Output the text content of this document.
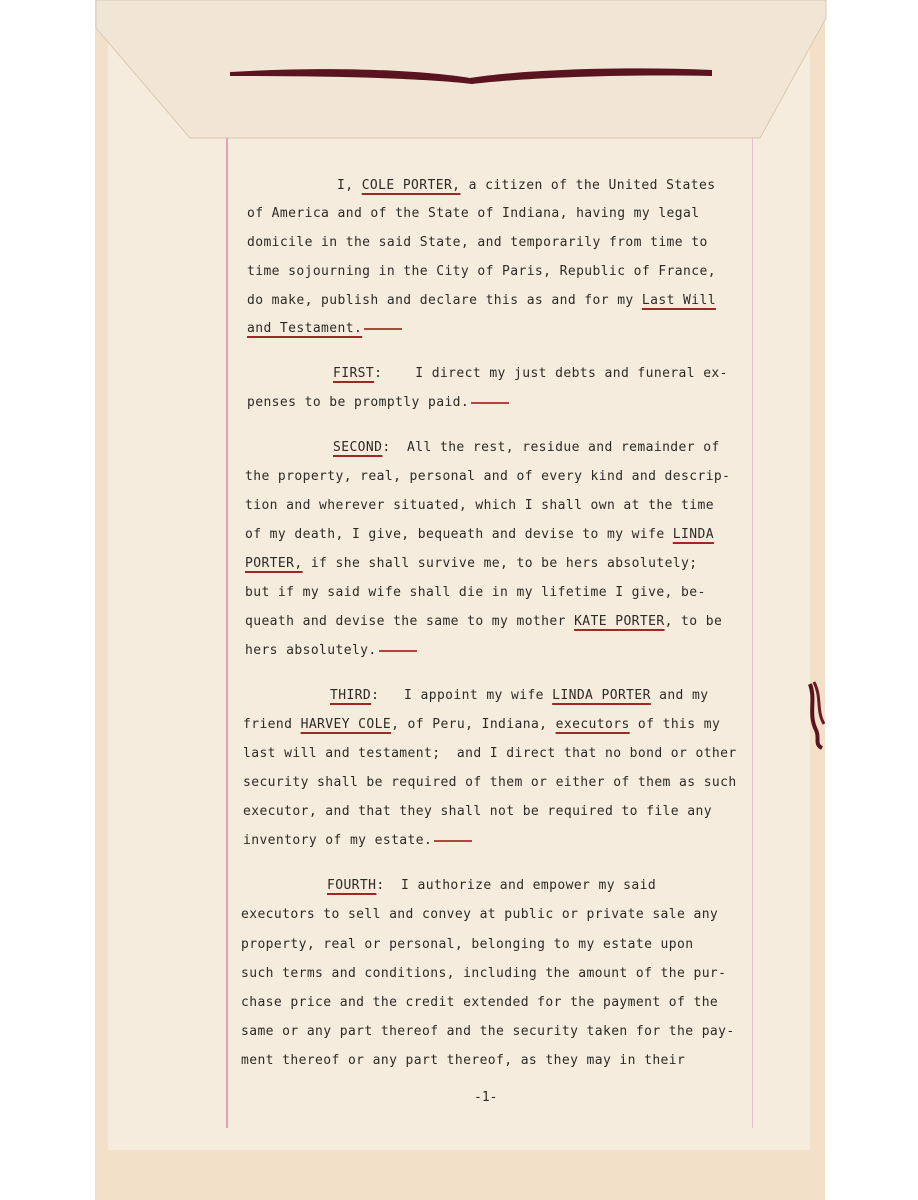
I, COLE PORTER, a citizen of the United States
of America and of the State of Indiana, having my legal
domicile in the said State, and temporarily from time to
time sojourning in the City of Paris, Republic of France,
do make, publish and declare this as and for my Last Will
and Testament.
FIRST:    I direct my just debts and funeral ex-
penses to be promptly paid.
SECOND:  All the rest, residue and remainder of
the property, real, personal and of every kind and descrip-
tion and wherever situated, which I shall own at the time
of my death, I give, bequeath and devise to my wife LINDA
PORTER, if she shall survive me, to be hers absolutely;
but if my said wife shall die in my lifetime I give, be-
queath and devise the same to my mother KATE PORTER, to be
hers absolutely.
THIRD:   I appoint my wife LINDA PORTER and my
friend HARVEY COLE, of Peru, Indiana, executors of this my
last will and testament;  and I direct that no bond or other
security shall be required of them or either of them as such
executor, and that they shall not be required to file any
inventory of my estate.
FOURTH:  I authorize and empower my said
executors to sell and convey at public or private sale any
property, real or personal, belonging to my estate upon
such terms and conditions, including the amount of the pur-
chase price and the credit extended for the payment of the
same or any part thereof and the security taken for the pay-
ment thereof or any part thereof, as they may in their
-1-
